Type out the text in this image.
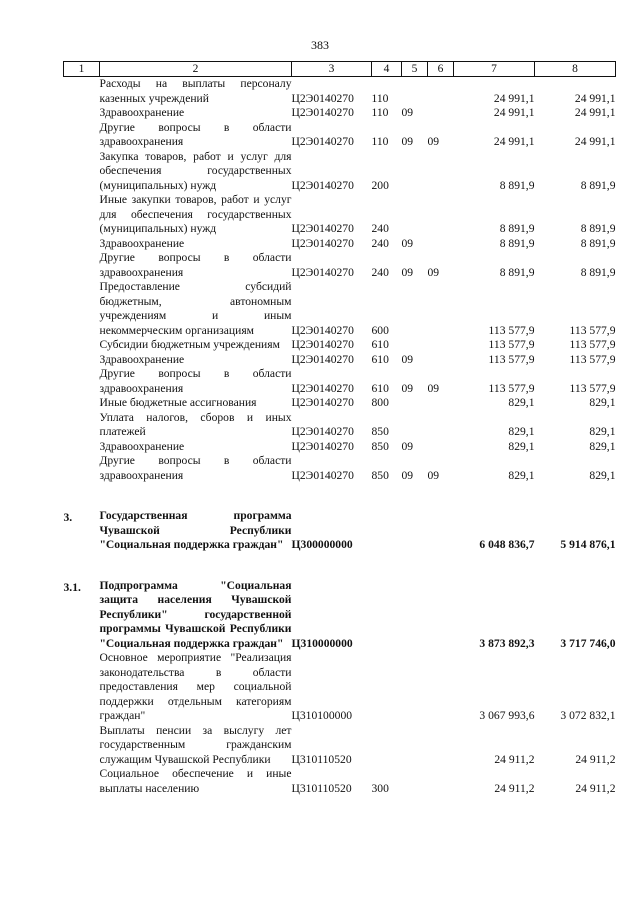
383
1	2	3	4	5	6	7	8
	Расходы на выплаты персоналу казенных учреждений	Ц2Э0140270	110			24 991,1	24 991,1
	Здравоохранение	Ц2Э0140270	110	09		24 991,1	24 991,1
	Другие вопросы в области здравоохранения	Ц2Э0140270	110	09	09	24 991,1	24 991,1
	Закупка товаров, работ и услуг для обеспечения государственных (муниципальных) нужд	Ц2Э0140270	200			8 891,9	8 891,9
	Иные закупки товаров, работ и услуг для обеспечения государственных (муниципальных) нужд	Ц2Э0140270	240			8 891,9	8 891,9
	Здравоохранение	Ц2Э0140270	240	09		8 891,9	8 891,9
	Другие вопросы в области здравоохранения	Ц2Э0140270	240	09	09	8 891,9	8 891,9
	Предоставление субсидий бюджетным, автономным учреждениям и иным некоммерческим организациям	Ц2Э0140270	600			113 577,9	113 577,9
	Субсидии бюджетным учреждениям	Ц2Э0140270	610			113 577,9	113 577,9
	Здравоохранение	Ц2Э0140270	610	09		113 577,9	113 577,9
	Другие вопросы в области здравоохранения	Ц2Э0140270	610	09	09	113 577,9	113 577,9
	Иные бюджетные ассигнования	Ц2Э0140270	800			829,1	829,1
	Уплата налогов, сборов и иных платежей	Ц2Э0140270	850			829,1	829,1
	Здравоохранение	Ц2Э0140270	850	09		829,1	829,1
	Другие вопросы в области здравоохранения	Ц2Э0140270	850	09	09	829,1	829,1

3.	Государственная программа Чувашской Республики "Социальная поддержка граждан"	Ц300000000				6 048 836,7	5 914 876,1

3.1.	Подпрограмма "Социальная защита населения Чувашской Республики" государственной программы Чувашской Республики "Социальная поддержка граждан"	Ц310000000				3 873 892,3	3 717 746,0
	Основное мероприятие "Реализация законодательства в области предоставления мер социальной поддержки отдельным категориям граждан"	Ц310100000				3 067 993,6	3 072 832,1
	Выплаты пенсии за выслугу лет государственным гражданским служащим Чувашской Республики	Ц310110520				24 911,2	24 911,2
	Социальное обеспечение и иные выплаты населению	Ц310110520	300			24 911,2	24 911,2
